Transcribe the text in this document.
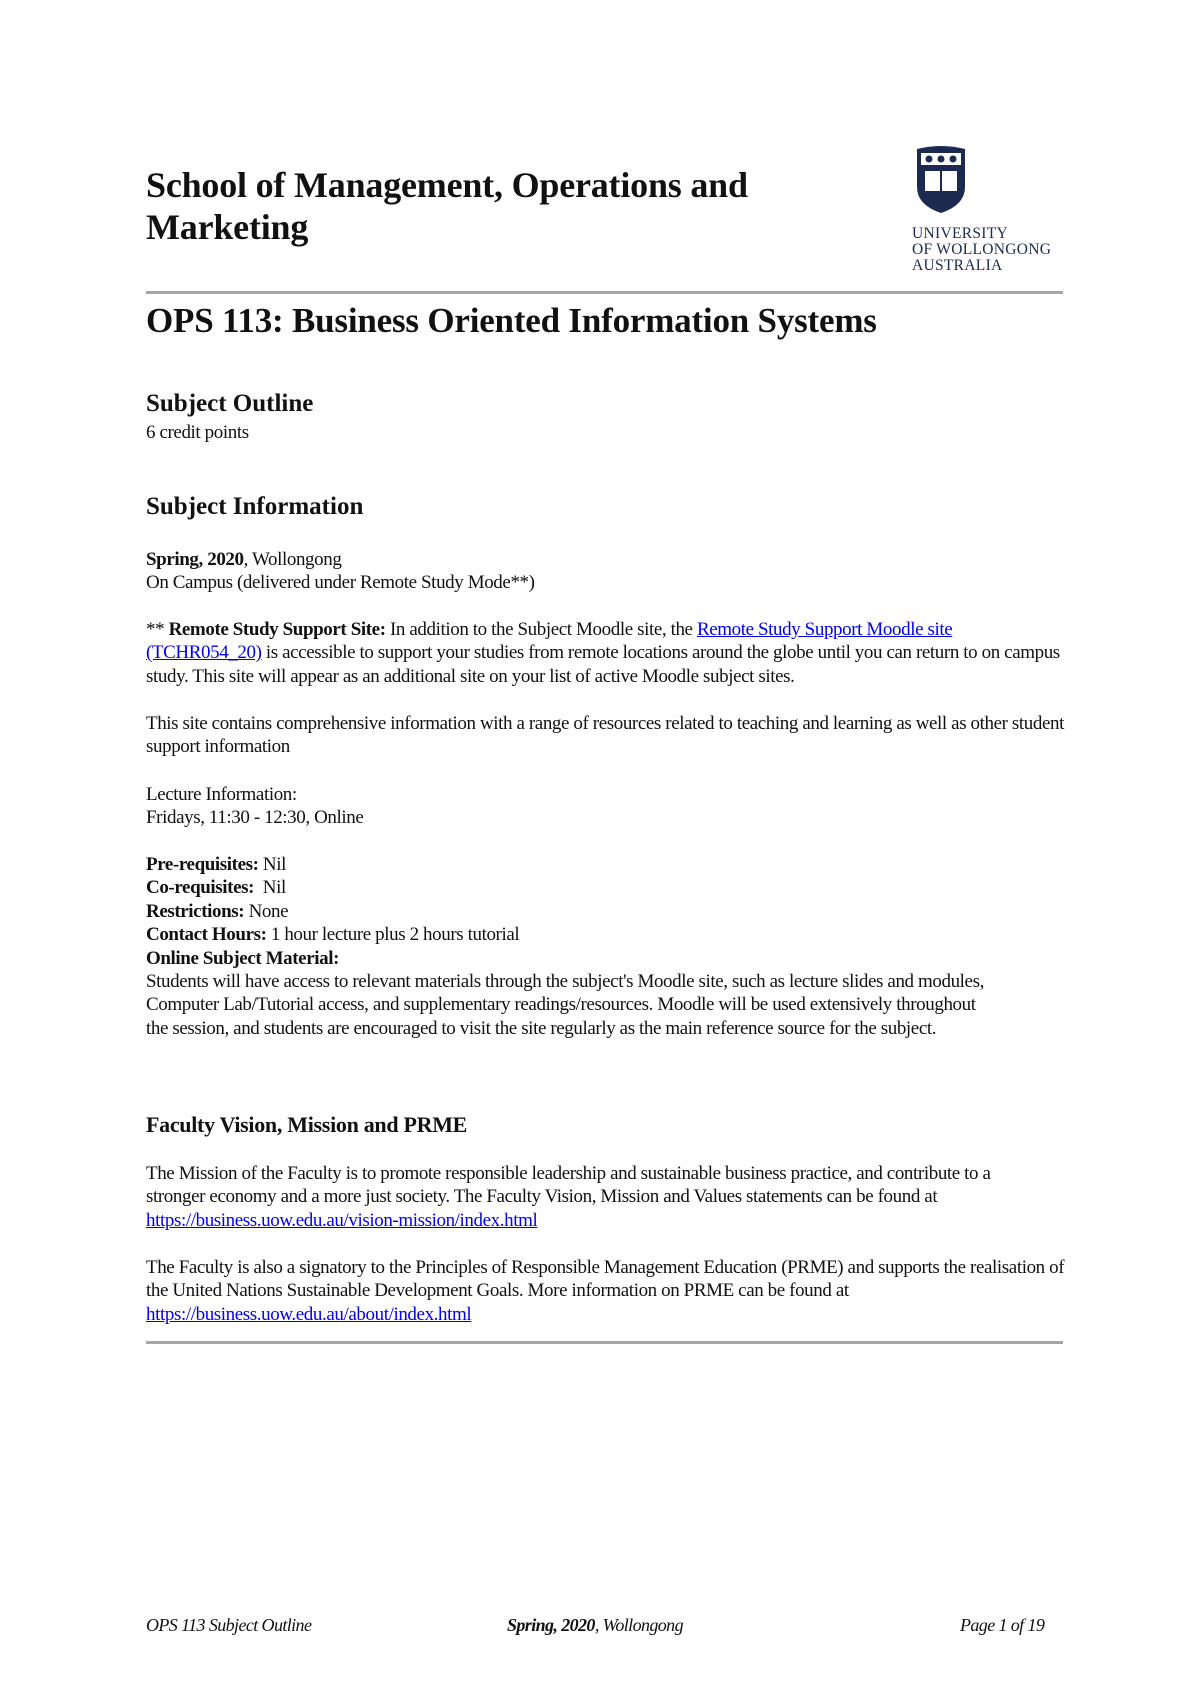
School of Management, Operations and
Marketing	UNIVERSITY
OF WOLLONGONG
AUSTRALIA
OPS 113: Business Oriented Information Systems
Subject Outline
6 credit points
Subject Information
Spring, 2020, Wollongong
On Campus (delivered under Remote Study Mode**)
** Remote Study Support Site: In addition to the Subject Moodle site, the Remote Study Support Moodle site (TCHR054_20) is accessible to support your studies from remote locations around the globe until you can return to on campus study. This site will appear as an additional site on your list of active Moodle subject sites.
This site contains comprehensive information with a range of resources related to teaching and learning as well as other student support information
Lecture Information:
Fridays, 11:30 - 12:30, Online
Pre-requisites: Nil
Co-requisites:  Nil
Restrictions: None
Contact Hours: 1 hour lecture plus 2 hours tutorial
Online Subject Material:
Students will have access to relevant materials through the subject's Moodle site, such as lecture slides and modules, Computer Lab/Tutorial access, and supplementary readings/resources. Moodle will be used extensively throughout the session, and students are encouraged to visit the site regularly as the main reference source for the subject.
Faculty Vision, Mission and PRME
The Mission of the Faculty is to promote responsible leadership and sustainable business practice, and contribute to a stronger economy and a more just society. The Faculty Vision, Mission and Values statements can be found at https://business.uow.edu.au/vision-mission/index.html
The Faculty is also a signatory to the Principles of Responsible Management Education (PRME) and supports the realisation of the United Nations Sustainable Development Goals. More information on PRME can be found at https://business.uow.edu.au/about/index.html
OPS 113 Subject Outline	Spring, 2020, Wollongong	Page 1 of 19
